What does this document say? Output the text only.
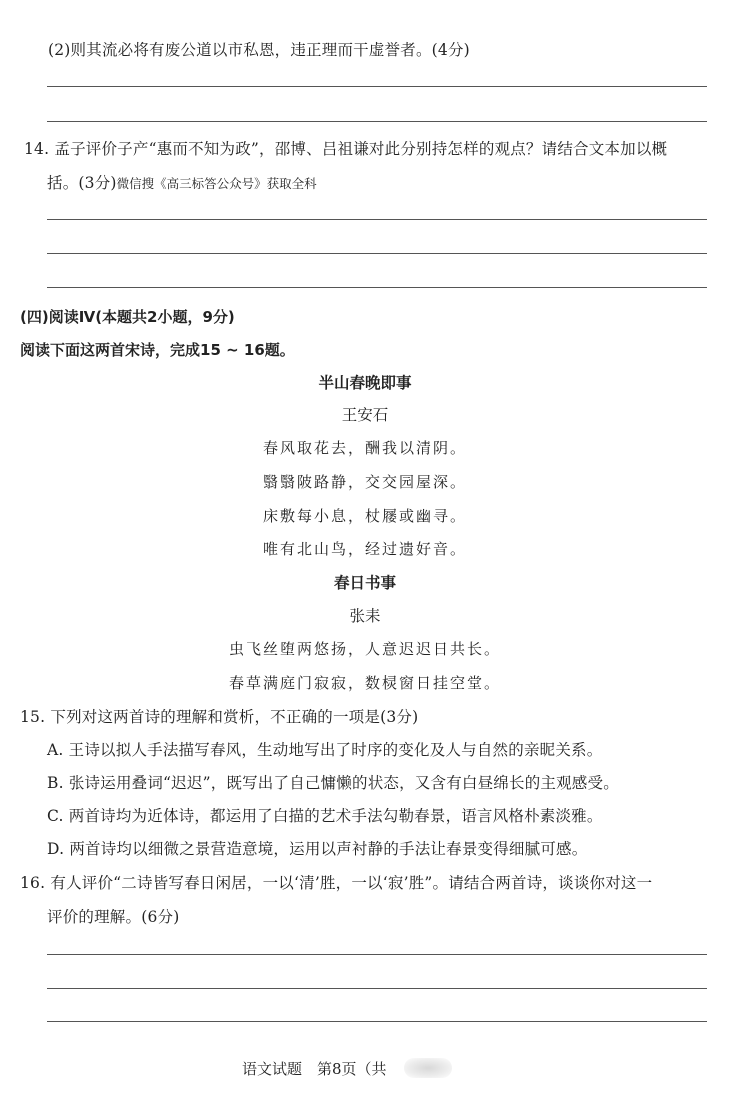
(2)则其流必将有废公道以市私恩，违正理而干虚誉者。(4分)
14. 孟子评价子产“惠而不知为政”，邵博、吕祖谦对此分别持怎样的观点？请结合文本加以概
括。(3分)微信搜《高三标答公众号》获取全科
(四)阅读Ⅳ(本题共2小题，9分)
阅读下面这两首宋诗，完成15 ~ 16题。
半山春晚即事
王安石
春风取花去，酬我以清阴。
翳翳陂路静，交交园屋深。
床敷每小息，杖屦或幽寻。
唯有北山鸟，经过遗好音。
春日书事
张耒
虫飞丝堕两悠扬，人意迟迟日共长。
春草满庭门寂寂，数棂窗日挂空堂。
15. 下列对这两首诗的理解和赏析，不正确的一项是(3分)
A. 王诗以拟人手法描写春风，生动地写出了时序的变化及人与自然的亲昵关系。
B. 张诗运用叠词“迟迟”，既写出了自己慵懒的状态，又含有白昼绵长的主观感受。
C. 两首诗均为近体诗，都运用了白描的艺术手法勾勒春景，语言风格朴素淡雅。
D. 两首诗均以细微之景营造意境，运用以声衬静的手法让春景变得细腻可感。
16. 有人评价“二诗皆写春日闲居，一以‘清’胜，一以‘寂’胜”。请结合两首诗，谈谈你对这一
评价的理解。(6分)
语文试题　第8页（共
